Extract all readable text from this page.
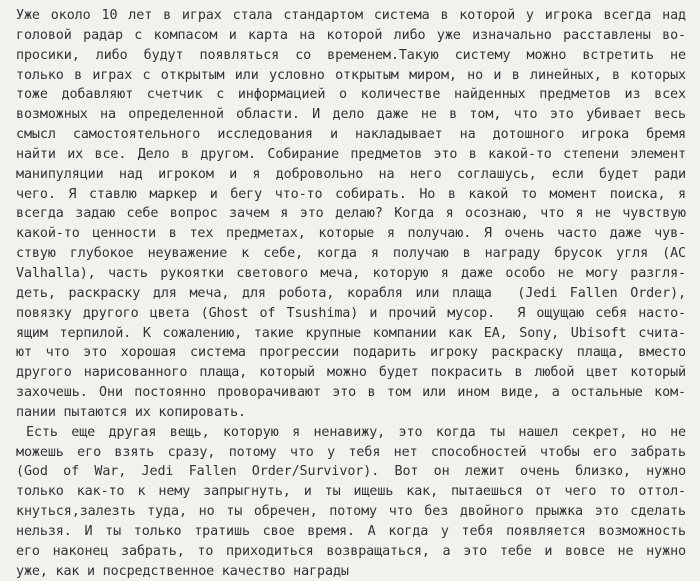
Уже около 10 лет в играх стала стандартом система в которой у игрока всегда над
головой радар с компасом и карта на которой либо уже изначально расставлены во-
просики, либо будут появляться со временем.Такую систему можно встретить не
только в играх с открытым или условно открытым миром, но и в линейных, в которых
тоже добавляют счетчик с информацией о количестве найденных предметов из всех
возможных на определенной области. И дело даже не в том, что это убивает весь
смысл самостоятельного исследования и накладывает на дотошного игрока бремя
найти их все. Дело в другом. Собирание предметов это в какой-то степени элемент
манипуляции над игроком и я добровольно на него соглашусь, если будет ради
чего. Я ставлю маркер и бегу что-то собирать. Но в какой то момент поиска, я
всегда задаю себе вопрос зачем я это делаю? Когда я осознаю, что я не чувствую
какой-то ценности в тех предметах, которые я получаю. Я очень часто даже чув-
ствую глубокое неуважение к себе, когда я получаю в награду брусок угля (AC
Valhalla), часть рукоятки светового меча, которую я даже особо не могу разгля-
деть, раскраску для меча, для робота, корабля или плаща  (Jedi Fallen Order),
повязку другого цвета (Ghost of Tsushima) и прочий мусор.  Я ощущаю себя насто-
ящим терпилой. К сожалению, такие крупные компании как EA, Sony, Ubisoft счита-
ют что это хорошая система прогрессии подарить игроку раскраску плаща, вместо
другого нарисованного плаща, который можно будет покрасить в любой цвет который
захочешь. Они постоянно проворачивают это в том или ином виде, а остальные ком-
пании пытаются их копировать.
Есть еще другая вещь, которую я ненавижу, это когда ты нашел секрет, но не
можешь его взять сразу, потому что у тебя нет способностей чтобы его забрать
(God of War, Jedi Fallen Order/Survivor). Вот он лежит очень близко, нужно
только как-то к нему запрыгнуть, и ты ищешь как, пытаешься от чего то оттол-
кнуться,залезть туда, но ты обречен, потому что без двойного прыжка это сделать
нельзя. И ты только тратишь свое время. А когда у тебя появляется возможность
его наконец забрать, то приходиться возвращаться, а это тебе и вовсе не нужно
уже, как и посредственное качество награды
